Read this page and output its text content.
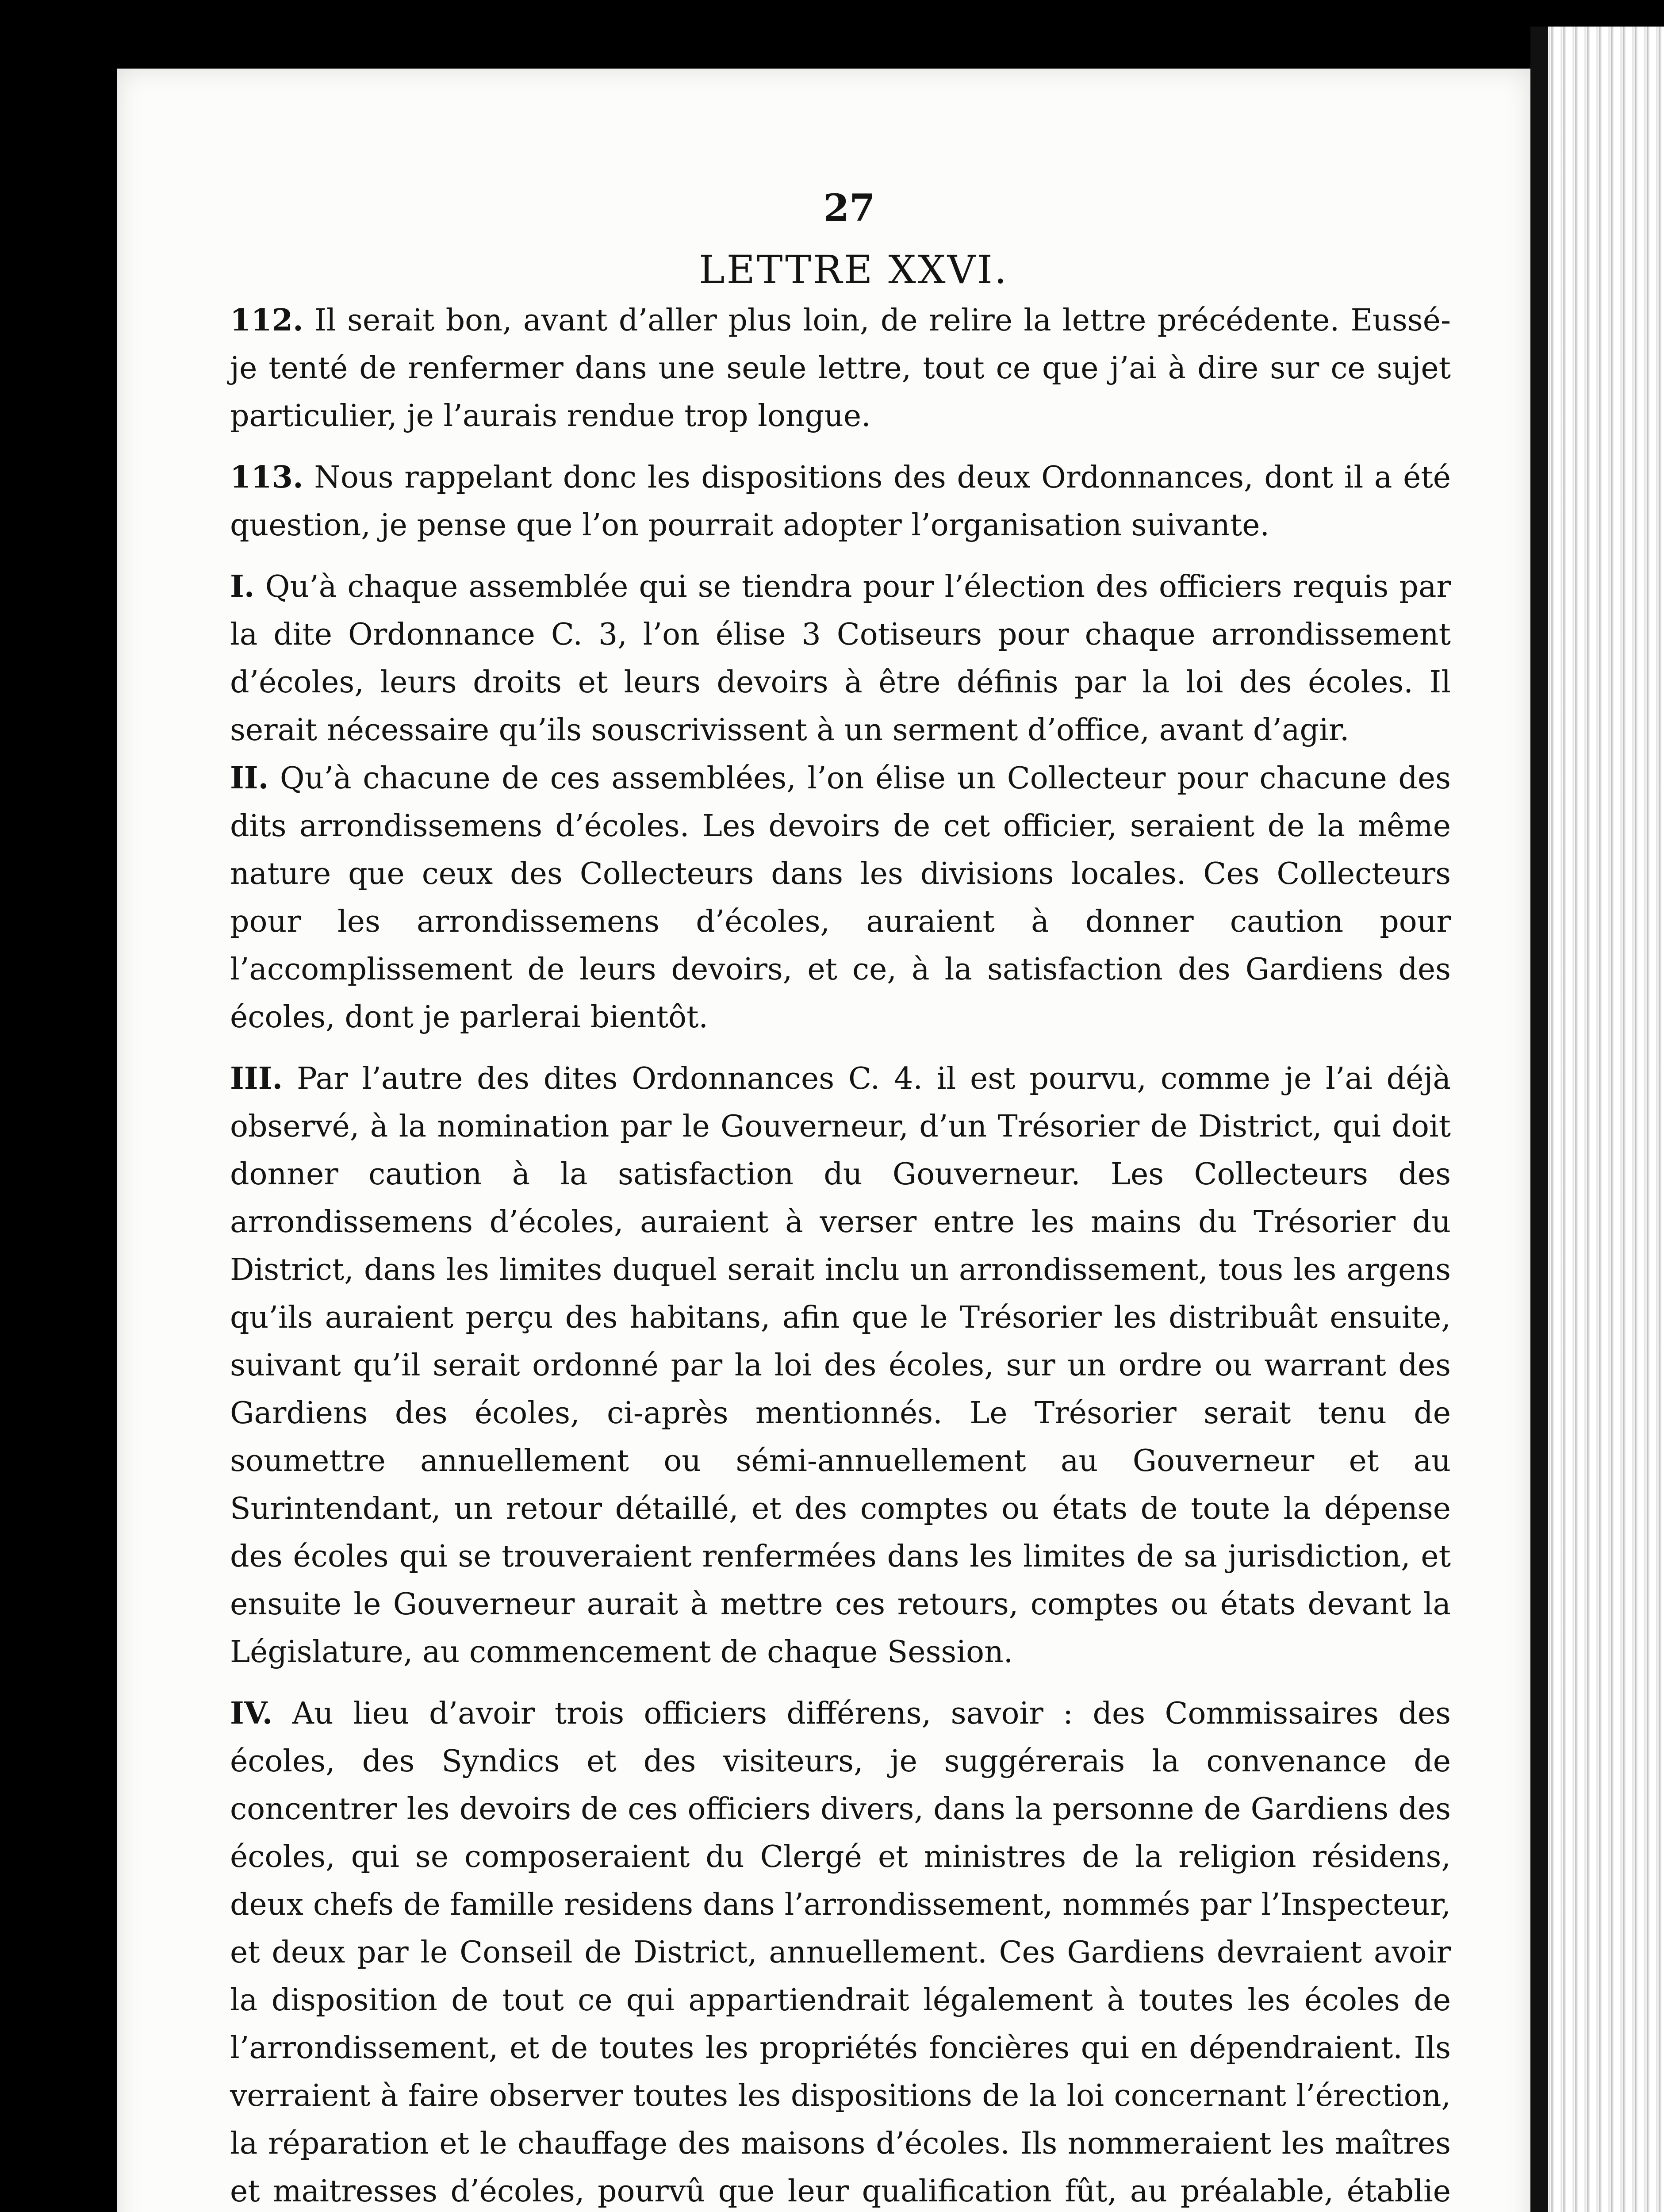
27
LETTRE XXVI.

112. Il serait bon, avant d’aller plus loin, de relire la lettre précédente. Eussé-je tenté de renfermer dans une seule lettre, tout ce que j’ai à dire sur ce sujet particulier, je l’aurais rendue trop longue.

113. Nous rappelant donc les dispositions des deux Ordonnances, dont il a été question, je pense que l’on pourrait adopter l’organisation suivante.

I. Qu’à chaque assemblée qui se tiendra pour l’élection des officiers requis par la dite Ordonnance C. 3, l’on élise 3 Cotiseurs pour chaque arrondissement d’écoles, leurs droits et leurs devoirs à être définis par la loi des écoles. Il serait nécessaire qu’ils souscrivissent à un serment d’office, avant d’agir.

II. Qu’à chacune de ces assemblées, l’on élise un Collecteur pour chacune des dits arrondissemens d’écoles. Les devoirs de cet officier, seraient de la même nature que ceux des Collecteurs dans les divisions locales. Ces Collecteurs pour les arrondissemens d’écoles, auraient à donner caution pour l’accomplissement de leurs devoirs, et ce, à la satisfaction des Gardiens des écoles, dont je parlerai bientôt.

III. Par l’autre des dites Ordonnances C. 4. il est pourvu, comme je l’ai déjà observé, à la nomination par le Gouverneur, d’un Trésorier de District, qui doit donner caution à la satisfaction du Gouverneur. Les Collecteurs des arrondissemens d’écoles, auraient à verser entre les mains du Trésorier du District, dans les limites duquel serait inclu un arrondissement, tous les argens qu’ils auraient perçu des habitans, afin que le Trésorier les distribuât ensuite, suivant qu’il serait ordonné par la loi des écoles, sur un ordre ou warrant des Gardiens des écoles, ci-après mentionnés. Le Trésorier serait tenu de soumettre annuellement ou sémi-annuellement au Gouverneur et au Surintendant, un retour détaillé, et des comptes ou états de toute la dépense des écoles qui se trouveraient renfermées dans les limites de sa jurisdiction, et ensuite le Gouverneur aurait à mettre ces retours, comptes ou états devant la Législature, au commencement de chaque Session.

IV. Au lieu d’avoir trois officiers différens, savoir : des Commissaires des écoles, des Syndics et des visiteurs, je suggérerais la convenance de concentrer les devoirs de ces officiers divers, dans la personne de Gardiens des écoles, qui se composeraient du Clergé et ministres de la religion résidens, deux chefs de famille residens dans l’arrondissement, nommés par l’Inspecteur, et deux par le Conseil de District, annuellement. Ces Gardiens devraient avoir la disposition de tout ce qui appartiendrait légalement à toutes les écoles de l’arrondissement, et de toutes les propriétés foncières qui en dépendraient. Ils verraient à faire observer toutes les dispositions de la loi concernant l’érection, la réparation et le chauffage des maisons d’écoles. Ils nommeraient les maîtres et maitresses d’écoles, pourvû que leur qualification fût, au préalable, établie
